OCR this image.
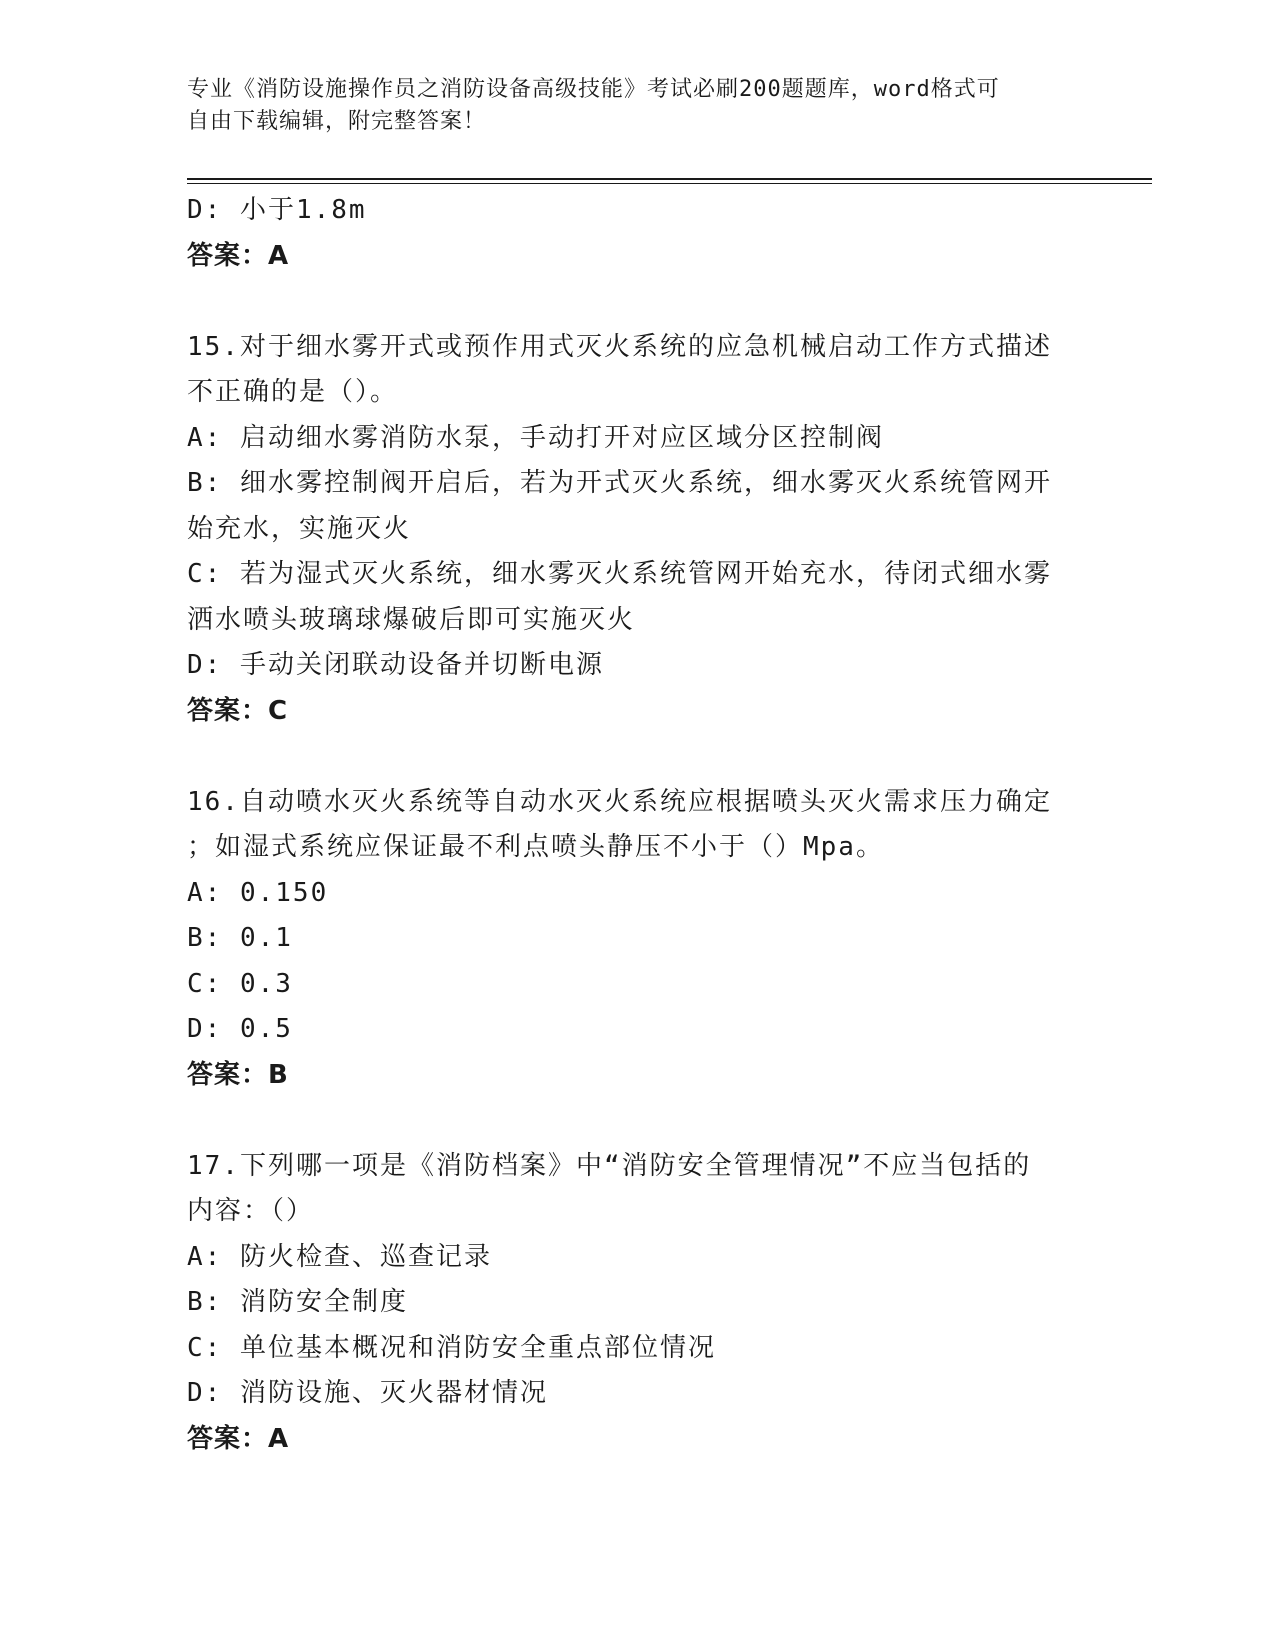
专业《消防设施操作员之消防设备高级技能》考试必刷200题题库，word格式可
自由下载编辑，附完整答案！
D: 小于1.8m
答案：A
15.对于细水雾开式或预作用式灭火系统的应急机械启动工作方式描述
不正确的是（）。
A: 启动细水雾消防水泵，手动打开对应区域分区控制阀
B: 细水雾控制阀开启后，若为开式灭火系统，细水雾灭火系统管网开
始充水，实施灭火
C: 若为湿式灭火系统，细水雾灭火系统管网开始充水，待闭式细水雾
洒水喷头玻璃球爆破后即可实施灭火
D: 手动关闭联动设备并切断电源
答案：C
16.自动喷水灭火系统等自动水灭火系统应根据喷头灭火需求压力确定
；如湿式系统应保证最不利点喷头静压不小于（）Mpa。
A: 0.150
B: 0.1
C: 0.3
D: 0.5
答案：B
17.下列哪一项是《消防档案》中“消防安全管理情况”不应当包括的
内容：（）
A: 防火检查、巡查记录
B: 消防安全制度
C: 单位基本概况和消防安全重点部位情况
D: 消防设施、灭火器材情况
答案：A
